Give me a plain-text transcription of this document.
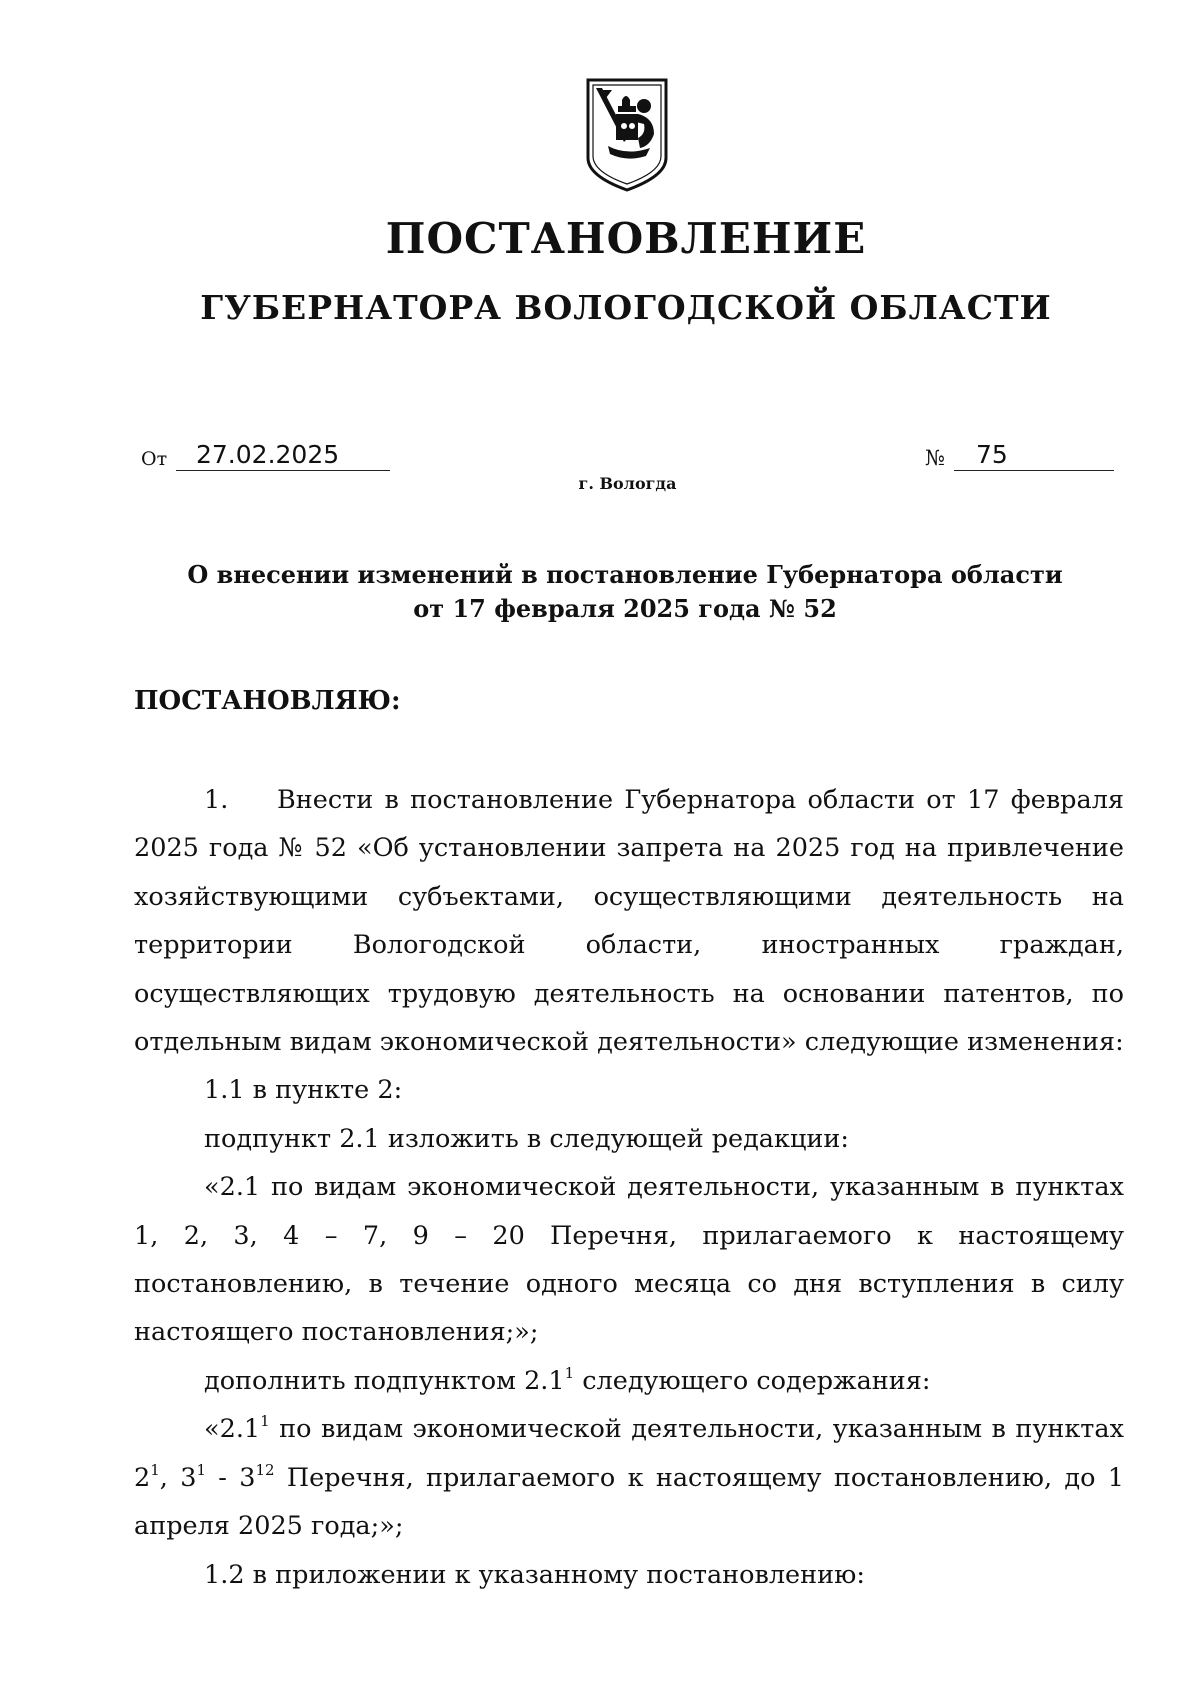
ПОСТАНОВЛЕНИЕ
ГУБЕРНАТОРА ВОЛОГОДСКОЙ ОБЛАСТИ
От	27.02.2025	№	75
г. Вологда
О внесении изменений в постановление Губернатора области
от 17 февраля 2025 года № 52
ПОСТАНОВЛЯЮ:

1. Внести в постановление Губернатора области от 17 февраля 2025 года № 52 «Об установлении запрета на 2025 год на привлечение хозяйствующими субъектами, осуществляющими деятельность на территории Вологодской области, иностранных граждан, осуществляющих трудовую деятельность на основании патентов, по отдельным видам экономической деятельности» следующие изменения:

1.1 в пункте 2:

подпункт 2.1 изложить в следующей редакции:

«2.1 по видам экономической деятельности, указанным в пунктах 1, 2, 3, 4 – 7, 9 – 20 Перечня, прилагаемого к настоящему постановлению, в течение одного месяца со дня вступления в силу настоящего постановления;»;

дополнить подпунктом $2.1^1$ следующего содержания:

«$2.1^1$ по видам экономической деятельности, указанным в пунктах $2^1$, $3^1 - 3^{12}$ Перечня, прилагаемого к настоящему постановлению, до 1 апреля 2025 года;»;

1.2 в приложении к указанному постановлению:
